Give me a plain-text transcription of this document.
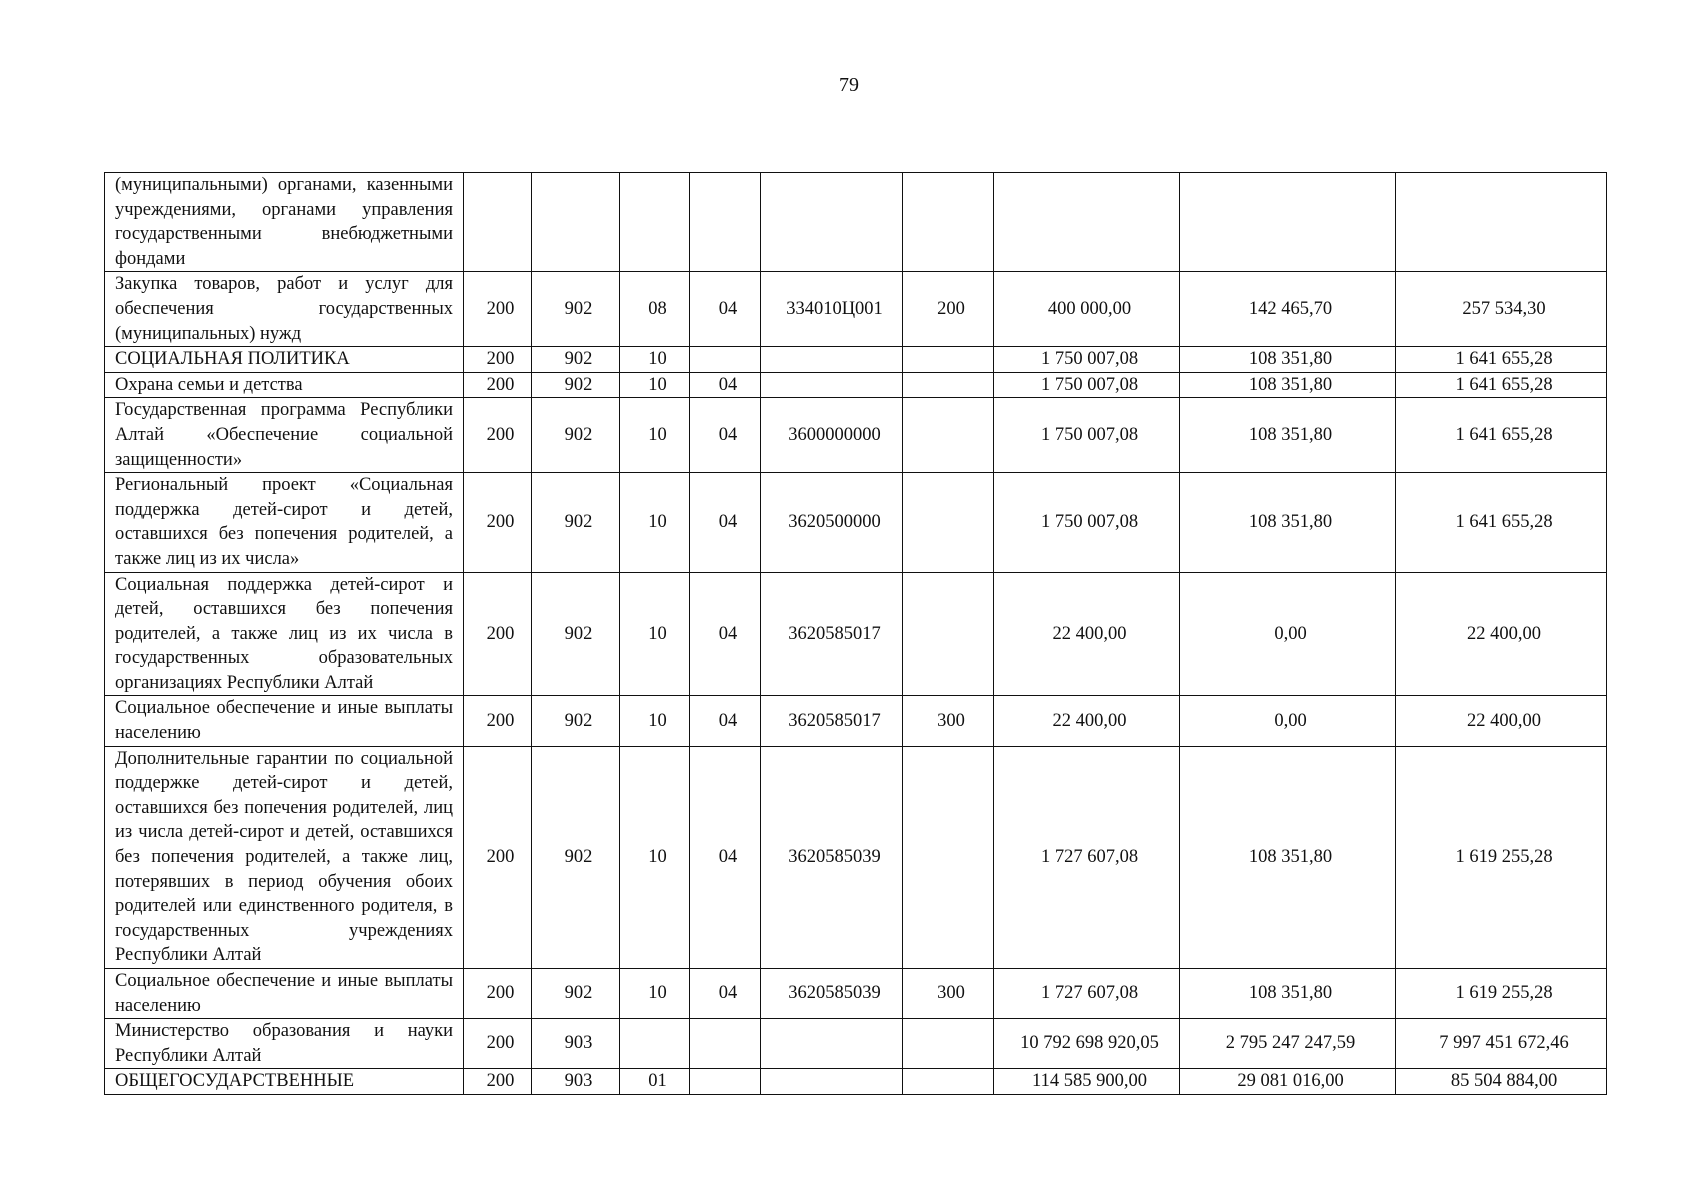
79
(муниципальными) органами, казенными учреждениями, органами управления государственными внебюджетными фондами									
Закупка товаров, работ и услуг для обеспечения государственных (муниципальных) нужд	200	902	08	04	334010Ц001	200	400 000,00	142 465,70	257 534,30
СОЦИАЛЬНАЯ ПОЛИТИКА	200	902	10				1 750 007,08	108 351,80	1 641 655,28
Охрана семьи и детства	200	902	10	04			1 750 007,08	108 351,80	1 641 655,28
Государственная программа Республики Алтай «Обеспечение социальной защищенности»	200	902	10	04	3600000000		1 750 007,08	108 351,80	1 641 655,28
Региональный проект «Социальная поддержка детей-сирот и детей, оставшихся без попечения родителей, а также лиц из их числа»	200	902	10	04	3620500000		1 750 007,08	108 351,80	1 641 655,28
Социальная поддержка детей-сирот и детей, оставшихся без попечения родителей, а также лиц из их числа в государственных образовательных организациях Республики Алтай	200	902	10	04	3620585017		22 400,00	0,00	22 400,00
Социальное обеспечение и иные выплаты населению	200	902	10	04	3620585017	300	22 400,00	0,00	22 400,00
Дополнительные гарантии по социальной поддержке детей-сирот и детей, оставшихся без попечения родителей, лиц из числа детей-сирот и детей, оставшихся без попечения родителей, а также лиц, потерявших в период обучения обоих родителей или единственного родителя, в государственных учреждениях Республики Алтай	200	902	10	04	3620585039		1 727 607,08	108 351,80	1 619 255,28
Социальное обеспечение и иные выплаты населению	200	902	10	04	3620585039	300	1 727 607,08	108 351,80	1 619 255,28
Министерство образования и науки Республики Алтай	200	903					10 792 698 920,05	2 795 247 247,59	7 997 451 672,46
ОБЩЕГОСУДАРСТВЕННЫЕ	200	903	01				114 585 900,00	29 081 016,00	85 504 884,00
